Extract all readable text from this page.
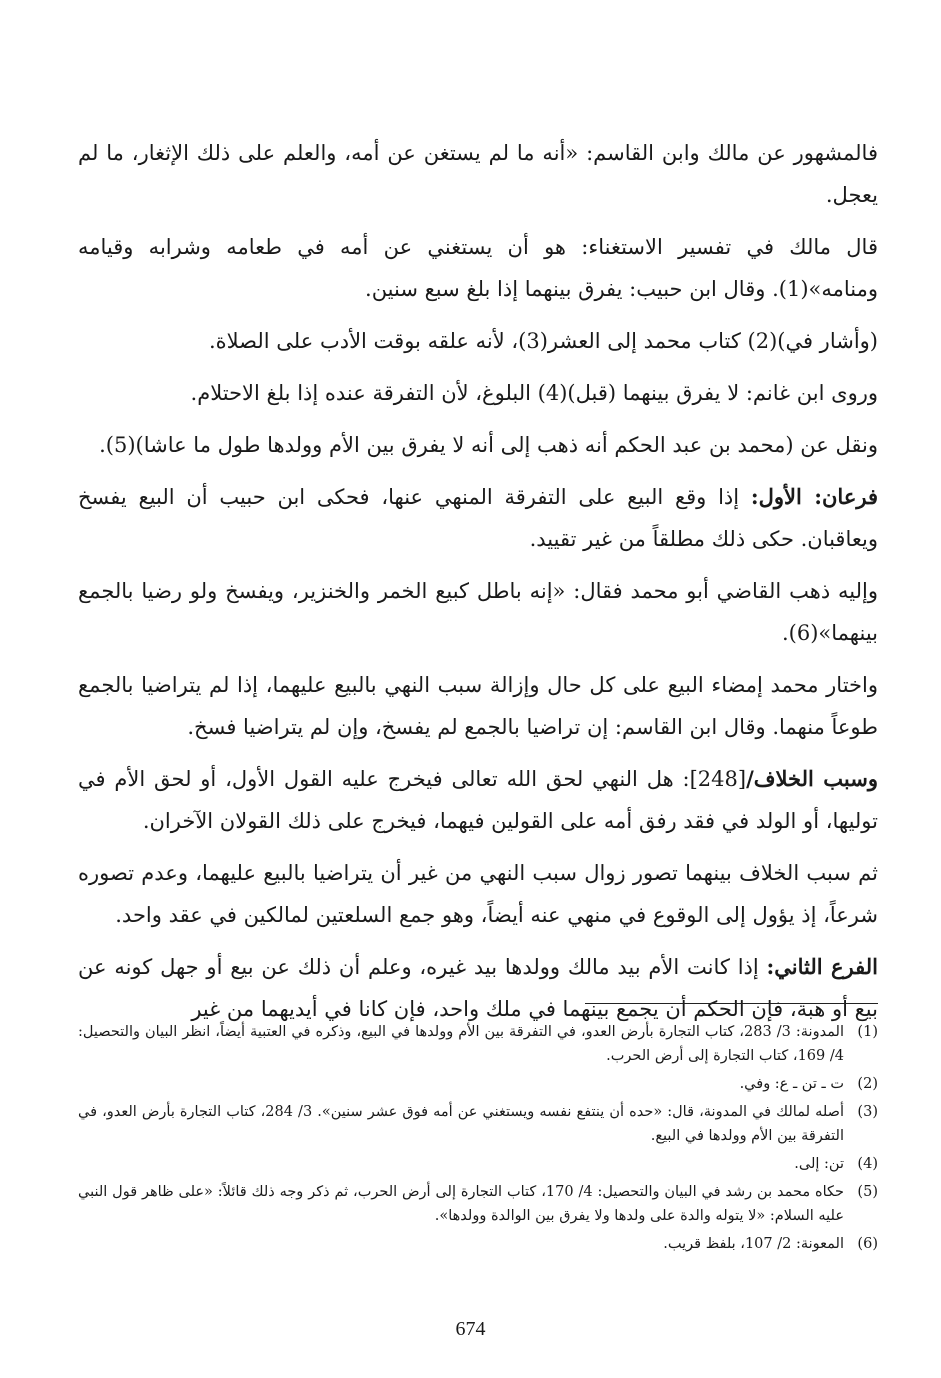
فالمشهور عن مالك وابن القاسم: «أنه ما لم يستغن عن أمه، والعلم على ذلك الإثغار، ما لم يعجل.

قال مالك في تفسير الاستغناء: هو أن يستغني عن أمه في طعامه وشرابه وقيامه ومنامه»(1). وقال ابن حبيب: يفرق بينهما إذا بلغ سبع سنين.

(وأشار في)(2) كتاب محمد إلى العشر(3)، لأنه علقه بوقت الأدب على الصلاة.

وروى ابن غانم: لا يفرق بينهما (قبل)(4) البلوغ، لأن التفرقة عنده إذا بلغ الاحتلام.

ونقل عن (محمد بن عبد الحكم أنه ذهب إلى أنه لا يفرق بين الأم وولدها طول ما عاشا)(5).

فرعان: الأول: إذا وقع البيع على التفرقة المنهي عنها، فحكى ابن حبيب أن البيع يفسخ ويعاقبان. حكى ذلك مطلقاً من غير تقييد.

وإليه ذهب القاضي أبو محمد فقال: «إنه باطل كبيع الخمر والخنزير، ويفسخ ولو رضيا بالجمع بينهما»(6).

واختار محمد إمضاء البيع على كل حال وإزالة سبب النهي بالبيع عليهما، إذا لم يتراضيا بالجمع طوعاً منهما. وقال ابن القاسم: إن تراضيا بالجمع لم يفسخ، وإن لم يتراضيا فسخ.

وسبب الخلاف/[248]: هل النهي لحق الله تعالى فيخرج عليه القول الأول، أو لحق الأم في توليها، أو الولد في فقد رفق أمه على القولين فيهما، فيخرج على ذلك القولان الآخران.

ثم سبب الخلاف بينهما تصور زوال سبب النهي من غير أن يتراضيا بالبيع عليهما، وعدم تصوره شرعاً، إذ يؤول إلى الوقوع في منهي عنه أيضاً، وهو جمع السلعتين لمالكين في عقد واحد.

الفرع الثاني: إذا كانت الأم بيد مالك وولدها بيد غيره، وعلم أن ذلك عن بيع أو جهل كونه عن بيع أو هبة، فإن الحكم أن يجمع بينهما في ملك واحد، فإن كانا في أيديهما من غير

(1)
المدونة: 3/ 283، كتاب التجارة بأرض العدو، في التفرقة بين الأم وولدها في البيع، وذكره في العتبية أيضاً، انظر البيان والتحصيل: 4/ 169، كتاب التجارة إلى أرض الحرب.
(2)
ت ـ تن ـ ع: وفي.
(3)
أصله لمالك في المدونة، قال: «حده أن ينتفع نفسه ويستغني عن أمه فوق عشر سنين». 3/ 284، كتاب التجارة بأرض العدو، في التفرقة بين الأم وولدها في البيع.
(4)
تن: إلى.
(5)
حكاه محمد بن رشد في البيان والتحصيل: 4/ 170، كتاب التجارة إلى أرض الحرب، ثم ذكر وجه ذلك قائلاً: «على ظاهر قول النبي عليه السلام: «لا يتوله والدة على ولدها ولا يفرق بين الوالدة وولدها».
(6)
المعونة: 2/ 107، بلفظ قريب.
674
